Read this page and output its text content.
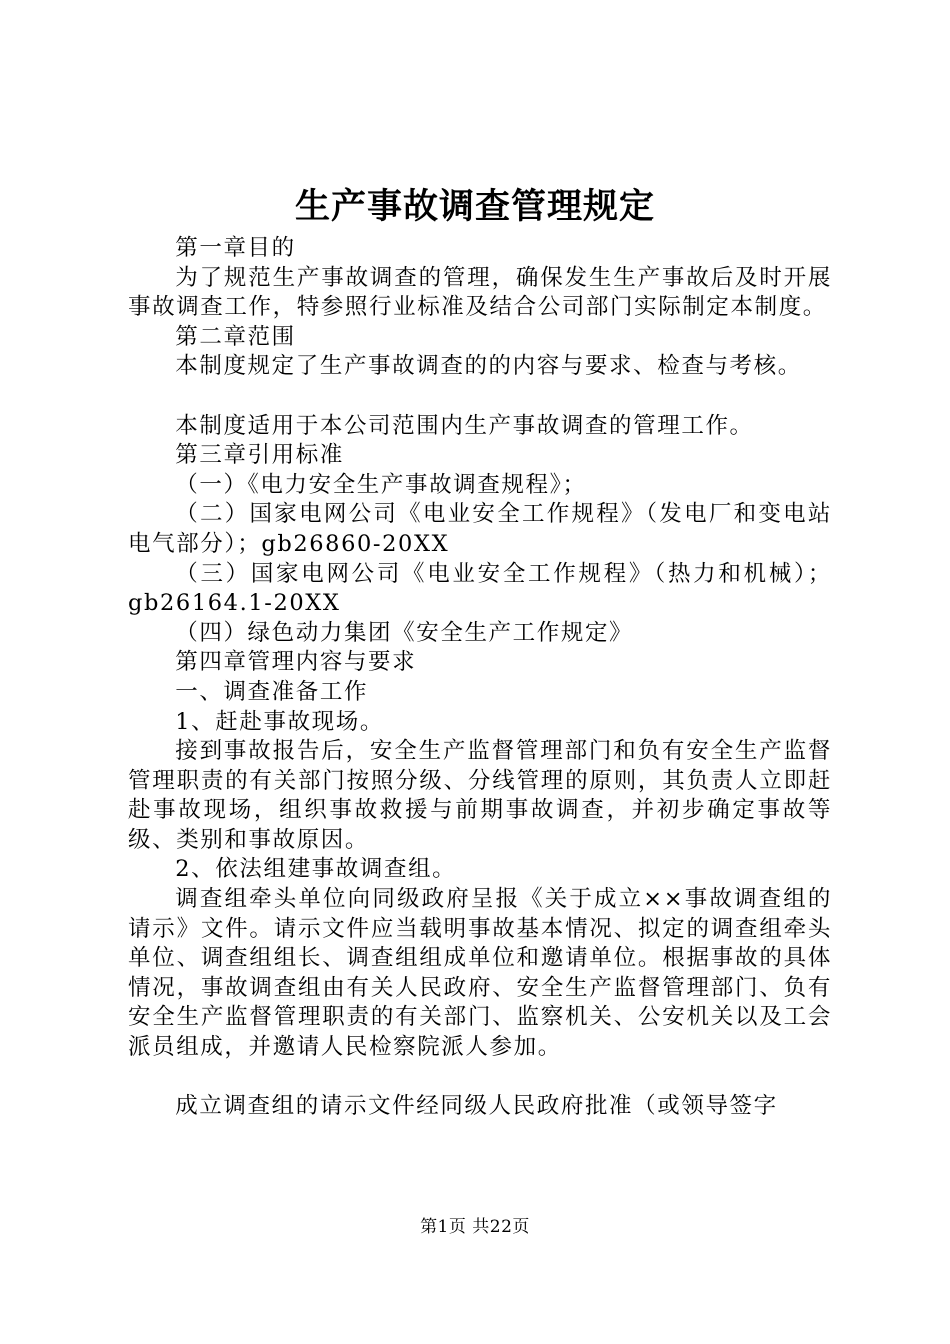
生产事故调查管理规定

第一章目的

为了规范生产事故调查的管理，确保发生生产事故后及时开展事故调查工作，特参照行业标准及结合公司部门实际制定本制度。

第二章范围

本制度规定了生产事故调查的的内容与要求、检查与考核。

本制度适用于本公司范围内生产事故调查的管理工作。

第三章引用标准

（一）《电力安全生产事故调查规程》；

（二）国家电网公司《电业安全工作规程》（发电厂和变电站电气部分）；gb26860-20XX

（三）国家电网公司《电业安全工作规程》（热力和机械）；gb26164.1-20XX

（四）绿色动力集团《安全生产工作规定》

第四章管理内容与要求

一、调查准备工作

1、赶赴事故现场。

接到事故报告后，安全生产监督管理部门和负有安全生产监督管理职责的有关部门按照分级、分线管理的原则，其负责人立即赶赴事故现场，组织事故救援与前期事故调查，并初步确定事故等级、类别和事故原因。

2、依法组建事故调查组。

调查组牵头单位向同级政府呈报《关于成立××事故调查组的请示》文件。请示文件应当载明事故基本情况、拟定的调查组牵头单位、调查组组长、调查组组成单位和邀请单位。根据事故的具体情况，事故调查组由有关人民政府、安全生产监督管理部门、负有安全生产监督管理职责的有关部门、监察机关、公安机关以及工会派员组成，并邀请人民检察院派人参加。

成立调查组的请示文件经同级人民政府批准（或领导签字

第1页 共22页
